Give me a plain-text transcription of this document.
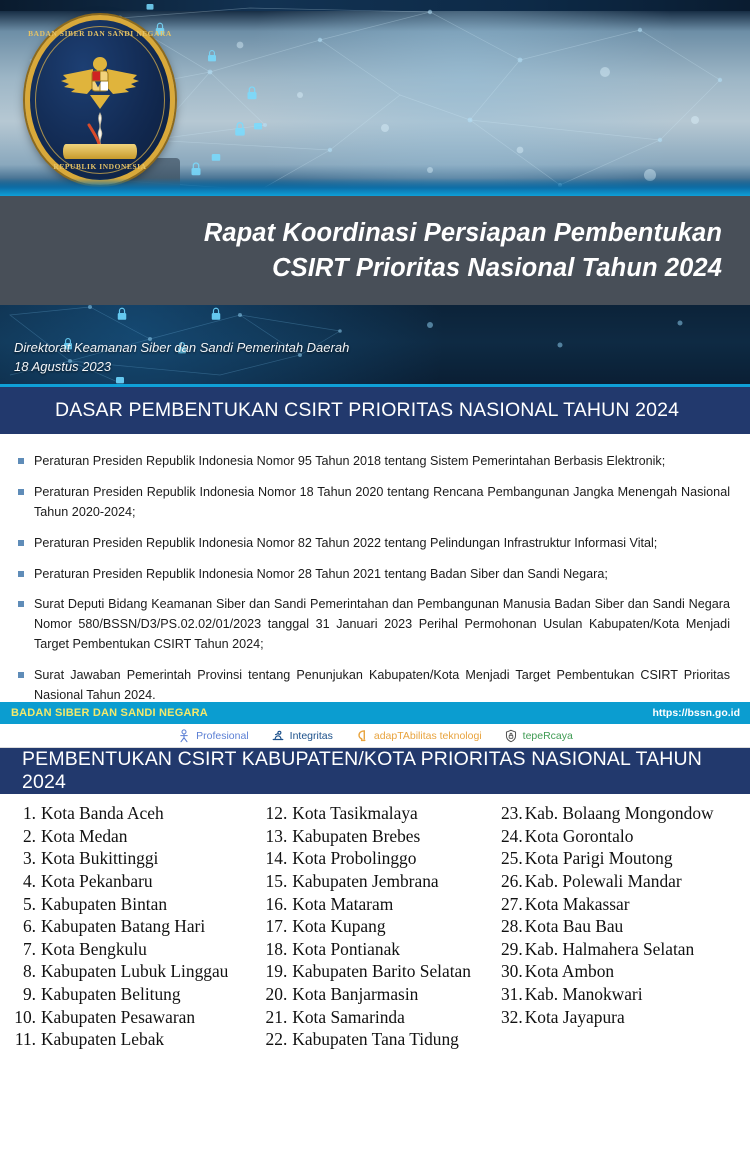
BADAN SIBER DAN SANDI NEGARA
REPUBLIK INDONESIA
Rapat Koordinasi Persiapan Pembentukan
CSIRT Prioritas Nasional Tahun 2024
Direktorat Keamanan Siber dan Sandi Pemerintah Daerah
18 Agustus 2023
DASAR PEMBENTUKAN CSIRT PRIORITAS NASIONAL TAHUN 2024
Peraturan Presiden Republik Indonesia Nomor 95 Tahun 2018 tentang Sistem Pemerintahan Berbasis Elektronik;
Peraturan Presiden Republik Indonesia Nomor 18 Tahun 2020 tentang Rencana Pembangunan Jangka Menengah Nasional Tahun 2020-2024;
Peraturan Presiden Republik Indonesia Nomor 82 Tahun 2022 tentang Pelindungan Infrastruktur Informasi Vital;
Peraturan Presiden Republik Indonesia Nomor 28 Tahun 2021 tentang Badan Siber dan Sandi Negara;
Surat Deputi Bidang Keamanan Siber dan Sandi Pemerintahan dan Pembangunan Manusia Badan Siber dan Sandi Negara Nomor 580/BSSN/D3/PS.02.02/01/2023 tanggal 31 Januari 2023 Perihal Permohonan Usulan Kabupaten/Kota Menjadi Target Pembentukan CSIRT Tahun 2024;
Surat Jawaban Pemerintah Provinsi tentang Penunjukan Kabupaten/Kota Menjadi Target Pembentukan CSIRT Prioritas Nasional Tahun 2024.
BADAN SIBER DAN SANDI NEGARA	https://bssn.go.id
Profesional	Integritas	adapTAbilitas teknologi	tepeRcaya
PEMBENTUKAN CSIRT KABUPATEN/KOTA PRIORITAS NASIONAL TAHUN 2024
1. Kota Banda Aceh
2. Kota Medan
3. Kota Bukittinggi
4. Kota Pekanbaru
5. Kabupaten Bintan
6. Kabupaten Batang Hari
7. Kota Bengkulu
8. Kabupaten Lubuk Linggau
9. Kabupaten Belitung
10. Kabupaten Pesawaran
11. Kabupaten Lebak
12. Kota Tasikmalaya
13. Kabupaten Brebes
14. Kota Probolinggo
15. Kabupaten Jembrana
16. Kota Mataram
17. Kota Kupang
18. Kota Pontianak
19. Kabupaten Barito Selatan
20. Kota Banjarmasin
21. Kota Samarinda
22. Kabupaten Tana Tidung
23. Kab. Bolaang Mongondow
24. Kota Gorontalo
25. Kota Parigi Moutong
26. Kab. Polewali Mandar
27. Kota Makassar
28. Kota Bau Bau
29. Kab. Halmahera Selatan
30. Kota Ambon
31. Kab. Manokwari
32. Kota Jayapura
